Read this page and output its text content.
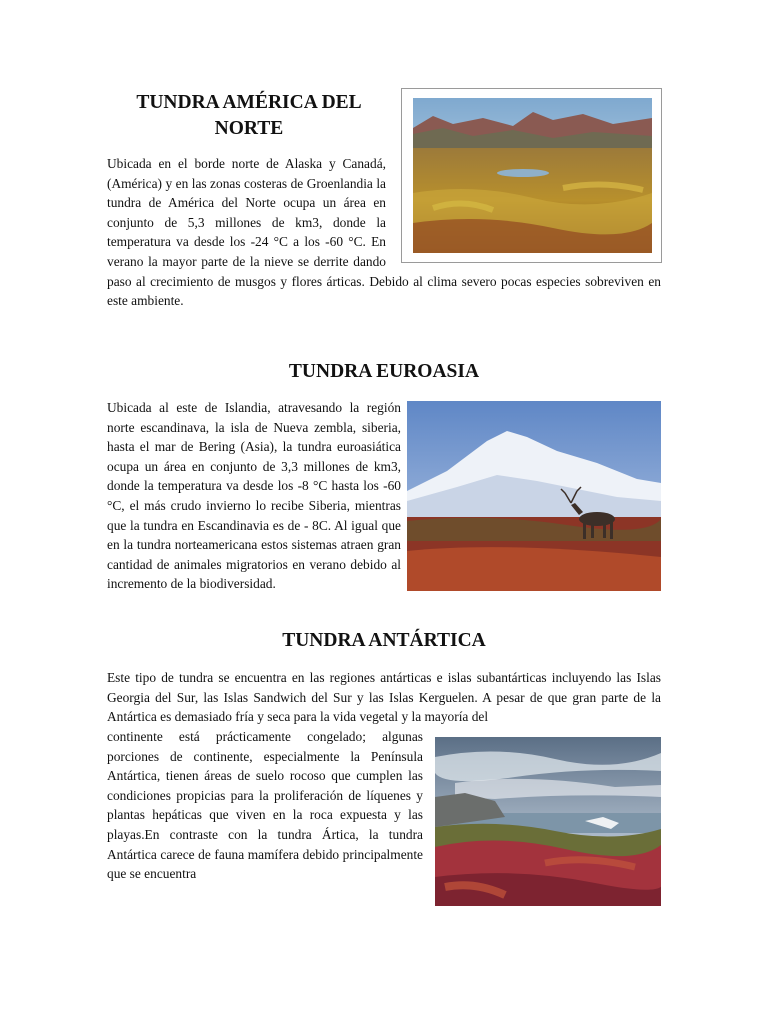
TUNDRA AMÉRICA DEL NORTE

Ubicada en el borde norte de Alaska y Canadá, (América) y en las zonas costeras de Groenlandia la tundra de América del Norte ocupa un área en conjunto de 5,3 millones de km3, donde la temperatura va desde los -24 °C a los -60 °C. En verano la mayor parte de la nieve se derrite dando paso al crecimiento de musgos y flores árticas. Debido al clima severo pocas especies sobreviven en este ambiente.

TUNDRA EUROASIA

Ubicada al este de Islandia, atravesando la región norte escandinava, la isla de Nueva zembla, siberia, hasta el mar de Bering (Asia), la tundra euroasiática ocupa un área en conjunto de 3,3 millones de km3, donde la temperatura va desde los -8 °C hasta los -60 °C, el más crudo invierno lo recibe Siberia, mientras que la tundra en Escandinavia es de - 8C. Al igual que en la tundra norteamericana estos sistemas atraen gran cantidad de animales migratorios en verano debido al incremento de la biodiversidad.

TUNDRA ANTÁRTICA

Este tipo de tundra se encuentra en las regiones antárticas e islas subantárticas incluyendo las Islas Georgia del Sur, las Islas Sandwich del Sur y las Islas Kerguelen. A pesar de que gran parte de la Antártica es demasiado fría y seca para la vida vegetal y la mayoría del

continente está prácticamente congelado; algunas porciones de continente, especialmente la Península Antártica, tienen áreas de suelo rocoso que cumplen las condiciones propicias para la proliferación de líquenes y plantas hepáticas que viven en la roca expuesta y las playas.En contraste con la tundra Ártica, la tundra Antártica carece de fauna mamífera debido principalmente que se encuentra
